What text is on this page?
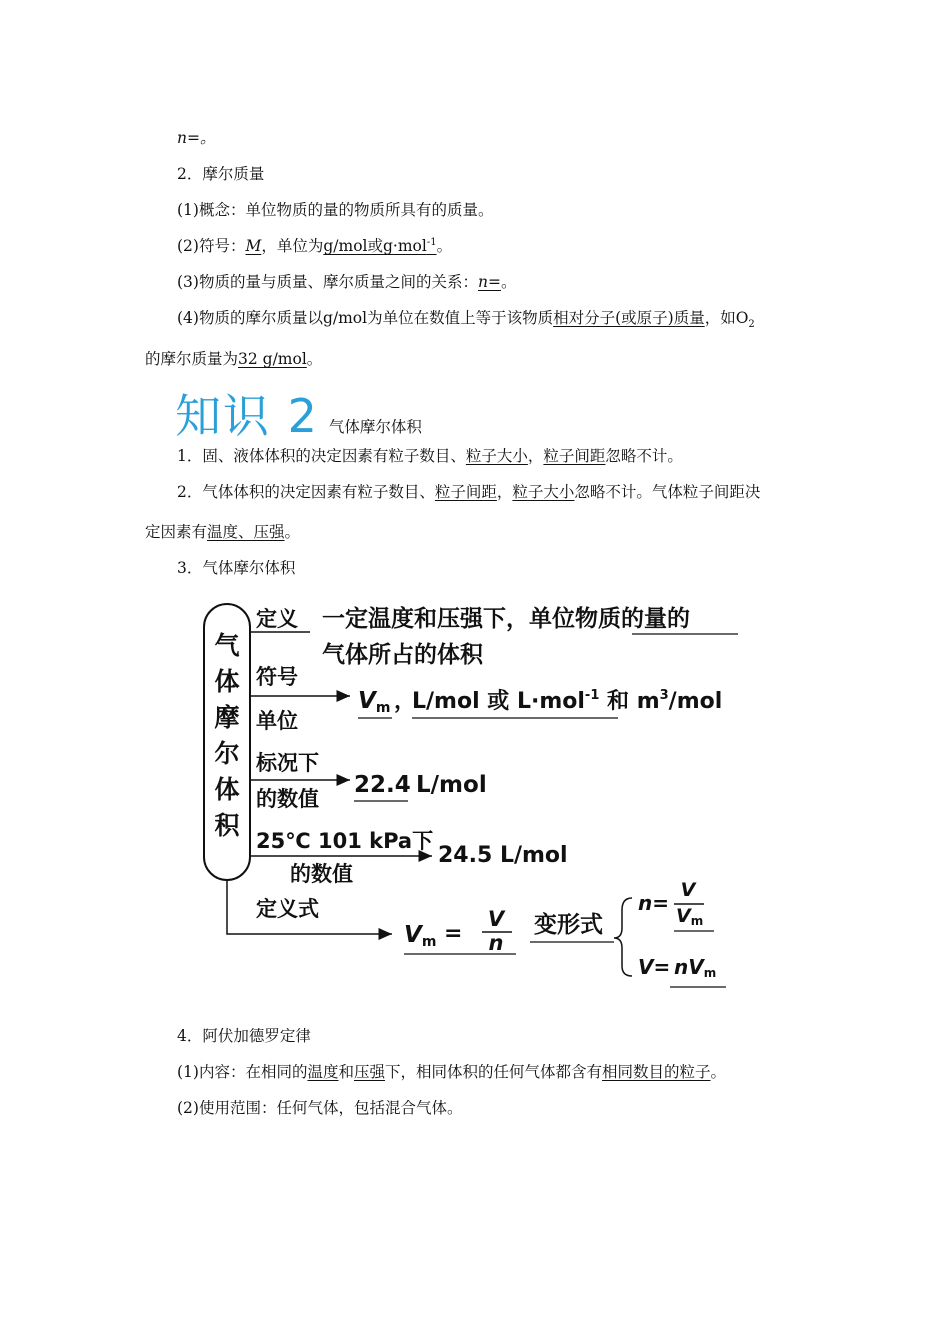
n=。
2．摩尔质量
(1)概念：单位物质的量的物质所具有的质量。
(2)符号：M，单位为g/mol或g·mol$^{-1}$。
(3)物质的量与质量、摩尔质量之间的关系：n=。
(4)物质的摩尔质量以g/mol为单位在数值上等于该物质相对分子(或原子)质量，如$O_2$
的摩尔质量为32 g/mol。
知识 2 气体摩尔体积
1．固、液体体积的决定因素有粒子数目、粒子大小，粒子间距忽略不计。
2．气体体积的决定因素有粒子数目、粒子间距，粒子大小忽略不计。气体粒子间距决
定因素有温度、压强。
3．气体摩尔体积
气
体
摩
尔
体
积
定义 一定温度和压强下，单位物质的量的
气体所占的体积
符号
单位
Vm ，
L/mol 或 L·mol$^{-1}$ 和 $m^3$/mol
标况下
的数值
22.4 L/mol
25℃ 101 kPa下
的数值
24.5 L/mol
定义式
Vm =
V
n
变形式
n=
V
Vm
V= nVm
4．阿伏加德罗定律
(1)内容：在相同的温度和压强下，相同体积的任何气体都含有相同数目的粒子。
(2)使用范围：任何气体，包括混合气体。
